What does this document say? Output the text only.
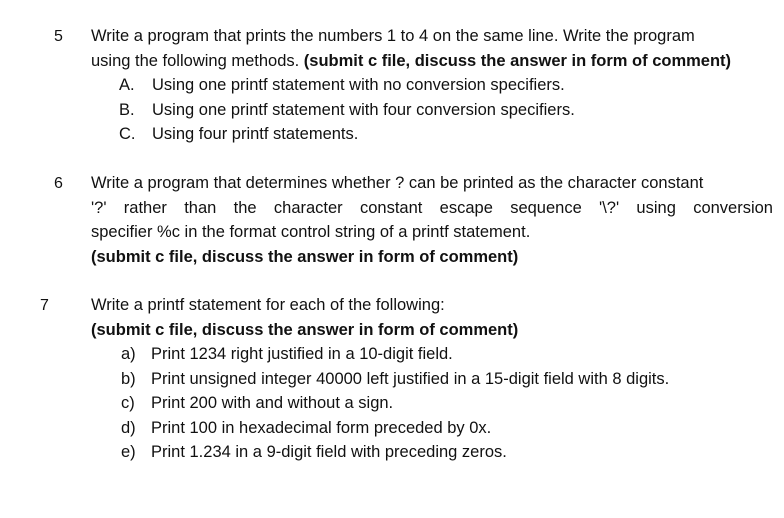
5 Write a program that prints the numbers 1 to 4 on the same line. Write the program
using the following methods. (submit c file, discuss the answer in form of comment)
A.	Using one printf statement with no conversion specifiers.
B.	Using one printf statement with four conversion specifiers.
C.	Using four printf statements.
6 Write a program that determines whether ? can be printed as the character constant
'?' rather than the character constant escape sequence '\?' using conversion
specifier %c in the format control string of a printf statement.
(submit c file, discuss the answer in form of comment)
7	Write a printf statement for each of the following:
(submit c file, discuss the answer in form of comment)
a) Print 1234 right justified in a 10-digit field.
b) Print unsigned integer 40000 left justified in a 15-digit field with 8 digits.
c) Print 200 with and without a sign.
d) Print 100 in hexadecimal form preceded by 0x.
e) Print 1.234 in a 9-digit field with preceding zeros.
